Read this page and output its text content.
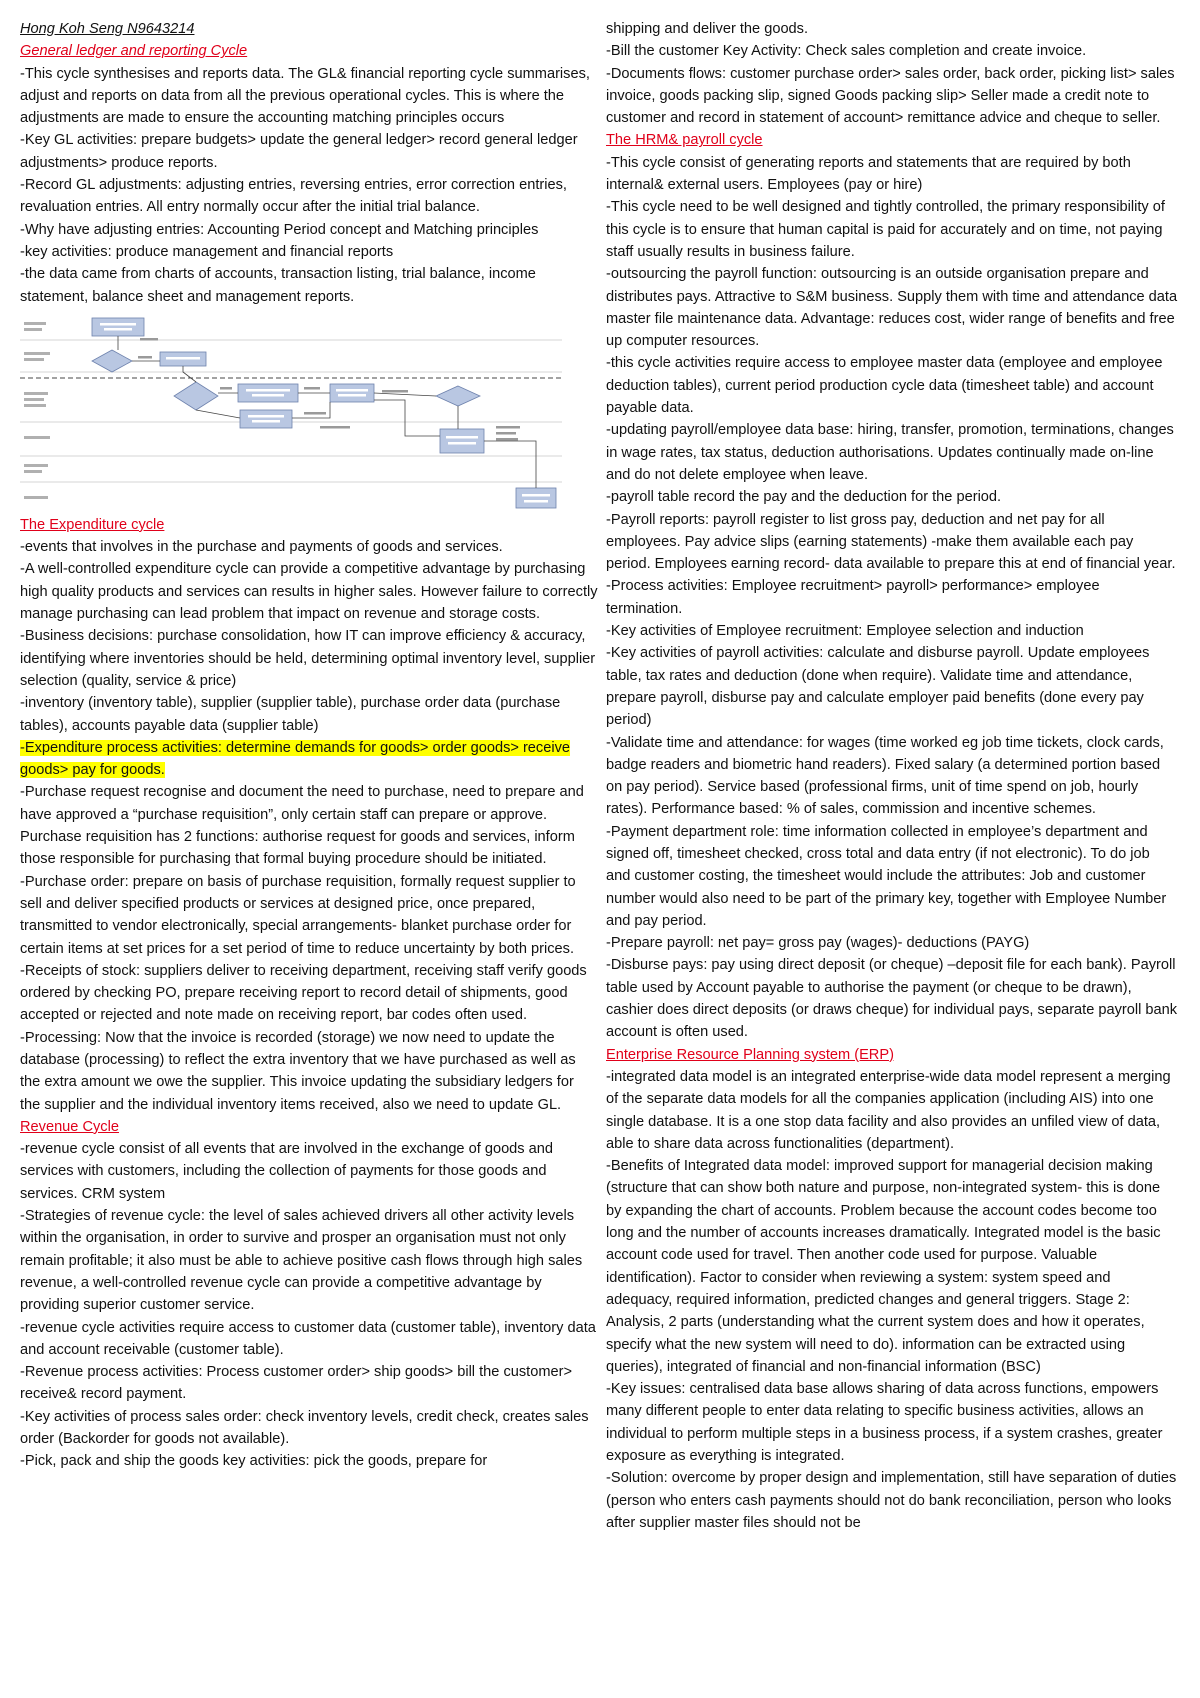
Hong Koh Seng N9643214

General ledger and reporting Cycle

-This cycle synthesises and reports data. The GL& financial reporting cycle summarises, adjust and reports on data from all the previous operational cycles. This is where the adjustments are made to ensure the accounting matching principles occurs

-Key GL activities: prepare budgets> update the general ledger> record general ledger adjustments> produce reports.

-Record GL adjustments: adjusting entries, reversing entries, error correction entries, revaluation entries. All entry normally occur after the initial trial balance.

-Why have adjusting entries: Accounting Period concept and Matching principles

-key activities: produce management and financial reports

-the data came from charts of accounts, transaction listing, trial balance, income statement, balance sheet and management reports.

The Expenditure cycle

-events that involves in the purchase and payments of goods and services.

-A well-controlled expenditure cycle can provide a competitive advantage by purchasing high quality products and services can results in higher sales. However failure to correctly manage purchasing can lead problem that impact on revenue and storage costs.

-Business decisions: purchase consolidation, how IT can improve efficiency & accuracy, identifying where inventories should be held, determining optimal inventory level, supplier selection (quality, service & price)

-inventory (inventory table), supplier (supplier table), purchase order data (purchase tables), accounts payable data (supplier table)

-Expenditure process activities: determine demands for goods> order goods> receive goods> pay for goods.

-Purchase request recognise and document the need to purchase, need to prepare and have approved a “purchase requisition”, only certain staff can prepare or approve. Purchase requisition has 2 functions: authorise request for goods and services, inform those responsible for purchasing that formal buying procedure should be initiated.

-Purchase order: prepare on basis of purchase requisition, formally request supplier to sell and deliver specified products or services at designed price, once prepared, transmitted to vendor electronically, special arrangements- blanket purchase order for certain items at set prices for a set period of time to reduce uncertainty by both prices.

-Receipts of stock: suppliers deliver to receiving department, receiving staff verify goods ordered by checking PO, prepare receiving report to record detail of shipments, good accepted or rejected and note made on receiving report, bar codes often used.

-Processing: Now that the invoice is recorded (storage) we now need to update the database (processing) to reflect the extra inventory that we have purchased as well as the extra amount we owe the supplier. This invoice updating the subsidiary ledgers for the supplier and the individual inventory items received, also we need to update GL.

Revenue Cycle

-revenue cycle consist of all events that are involved in the exchange of goods and services with customers, including the collection of payments for those goods and services. CRM system

-Strategies of revenue cycle: the level of sales achieved drivers all other activity levels within the organisation, in order to survive and prosper an organisation must not only remain profitable; it also must be able to achieve positive cash flows through high sales revenue, a well-controlled revenue cycle can provide a competitive advantage by providing superior customer service.

-revenue cycle activities require access to customer data (customer table), inventory data and account receivable (customer table).

-Revenue process activities: Process customer order> ship goods> bill the customer> receive& record payment.

-Key activities of process sales order: check inventory levels, credit check, creates sales order (Backorder for goods not available).

-Pick, pack and ship the goods key activities: pick the goods, prepare for

shipping and deliver the goods.

-Bill the customer Key Activity: Check sales completion and create invoice.

-Documents flows: customer purchase order> sales order, back order, picking list> sales invoice, goods packing slip, signed Goods packing slip> Seller made a credit note to customer and record in statement of account> remittance advice and cheque to seller.

The HRM& payroll cycle

-This cycle consist of generating reports and statements that are required by both internal& external users. Employees (pay or hire)

-This cycle need to be well designed and tightly controlled, the primary responsibility of this cycle is to ensure that human capital is paid for accurately and on time, not paying staff usually results in business failure.

-outsourcing the payroll function: outsourcing is an outside organisation prepare and distributes pays. Attractive to S&M business. Supply them with time and attendance data master file maintenance data. Advantage: reduces cost, wider range of benefits and free up computer resources.

-this cycle activities require access to employee master data (employee and employee deduction tables), current period production cycle data (timesheet table) and account payable data.

-updating payroll/employee data base: hiring, transfer, promotion, terminations, changes in wage rates, tax status, deduction authorisations. Updates continually made on-line and do not delete employee when leave.

-payroll table record the pay and the deduction for the period.

-Payroll reports: payroll register to list gross pay, deduction and net pay for all employees. Pay advice slips (earning statements) -make them available each pay period. Employees earning record- data available to prepare this at end of financial year.

-Process activities: Employee recruitment> payroll> performance> employee termination.

-Key activities of Employee recruitment: Employee selection and induction

-Key activities of payroll activities: calculate and disburse payroll. Update employees table, tax rates and deduction (done when require). Validate time and attendance, prepare payroll, disburse pay and calculate employer paid benefits (done every pay period)

-Validate time and attendance: for wages (time worked eg job time tickets, clock cards, badge readers and biometric hand readers). Fixed salary (a determined portion based on pay period). Service based (professional firms, unit of time spend on job, hourly rates). Performance based: % of sales, commission and incentive schemes.

-Payment department role: time information collected in employee’s department and signed off, timesheet checked, cross total and data entry (if not electronic). To do job and customer costing, the timesheet would include the attributes: Job and customer number would also need to be part of the primary key, together with Employee Number and pay period.

-Prepare payroll: net pay= gross pay (wages)- deductions (PAYG)

-Disburse pays: pay using direct deposit (or cheque) –deposit file for each bank). Payroll table used by Account payable to authorise the payment (or cheque to be drawn), cashier does direct deposits (or draws cheque) for individual pays, separate payroll bank account is often used.

Enterprise Resource Planning system (ERP)

-integrated data model is an integrated enterprise-wide data model represent a merging of the separate data models for all the companies application (including AIS) into one single database. It is a one stop data facility and also provides an unfiled view of data, able to share data across functionalities (department).

-Benefits of Integrated data model: improved support for managerial decision making (structure that can show both nature and purpose, non-integrated system- this is done by expanding the chart of accounts. Problem because the account codes become too long and the number of accounts increases dramatically. Integrated model is the basic account code used for travel. Then another code used for purpose. Valuable identification). Factor to consider when reviewing a system: system speed and adequacy, required information, predicted changes and general triggers. Stage 2: Analysis, 2 parts (understanding what the current system does and how it operates, specify what the new system will need to do). information can be extracted using queries), integrated of financial and non-financial information (BSC)

-Key issues: centralised data base allows sharing of data across functions, empowers many different people to enter data relating to specific business activities, allows an individual to perform multiple steps in a business process, if a system crashes, greater exposure as everything is integrated.

-Solution: overcome by proper design and implementation, still have separation of duties (person who enters cash payments should not do bank reconciliation, person who looks after supplier master files should not be
